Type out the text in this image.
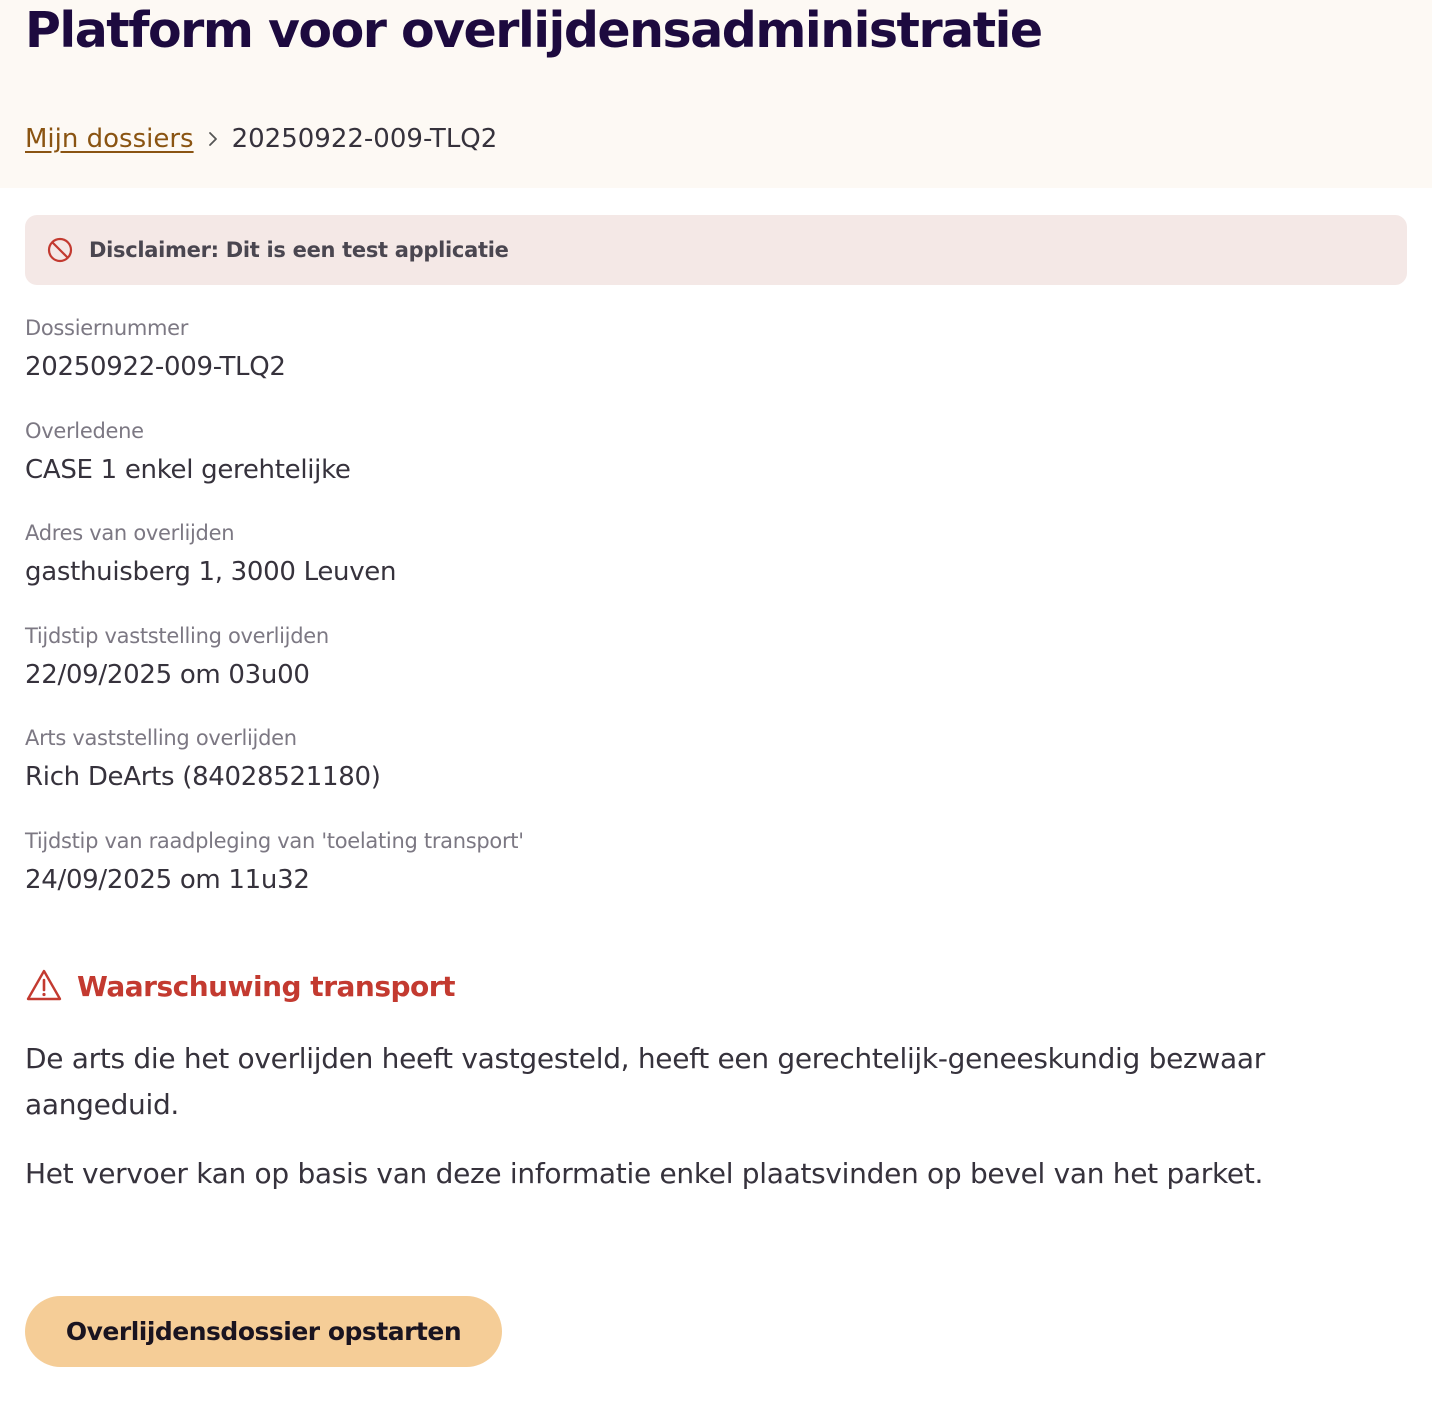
Platform voor overlijdensadministratie
Mijn dossiers 20250922-009-TLQ2
Disclaimer: Dit is een test applicatie
Dossiernummer
20250922-009-TLQ2
Overledene
CASE 1 enkel gerehtelijke
Adres van overlijden
gasthuisberg 1, 3000 Leuven
Tijdstip vaststelling overlijden
22/09/2025 om 03u00
Arts vaststelling overlijden
Rich DeArts (84028521180)
Tijdstip van raadpleging van 'toelating transport'
24/09/2025 om 11u32
Waarschuwing transport

De arts die het overlijden heeft vastgesteld, heeft een gerechtelijk-geneeskundig bezwaar aangeduid.

Het vervoer kan op basis van deze informatie enkel plaatsvinden op bevel van het parket.

Overlijdensdossier opstarten
